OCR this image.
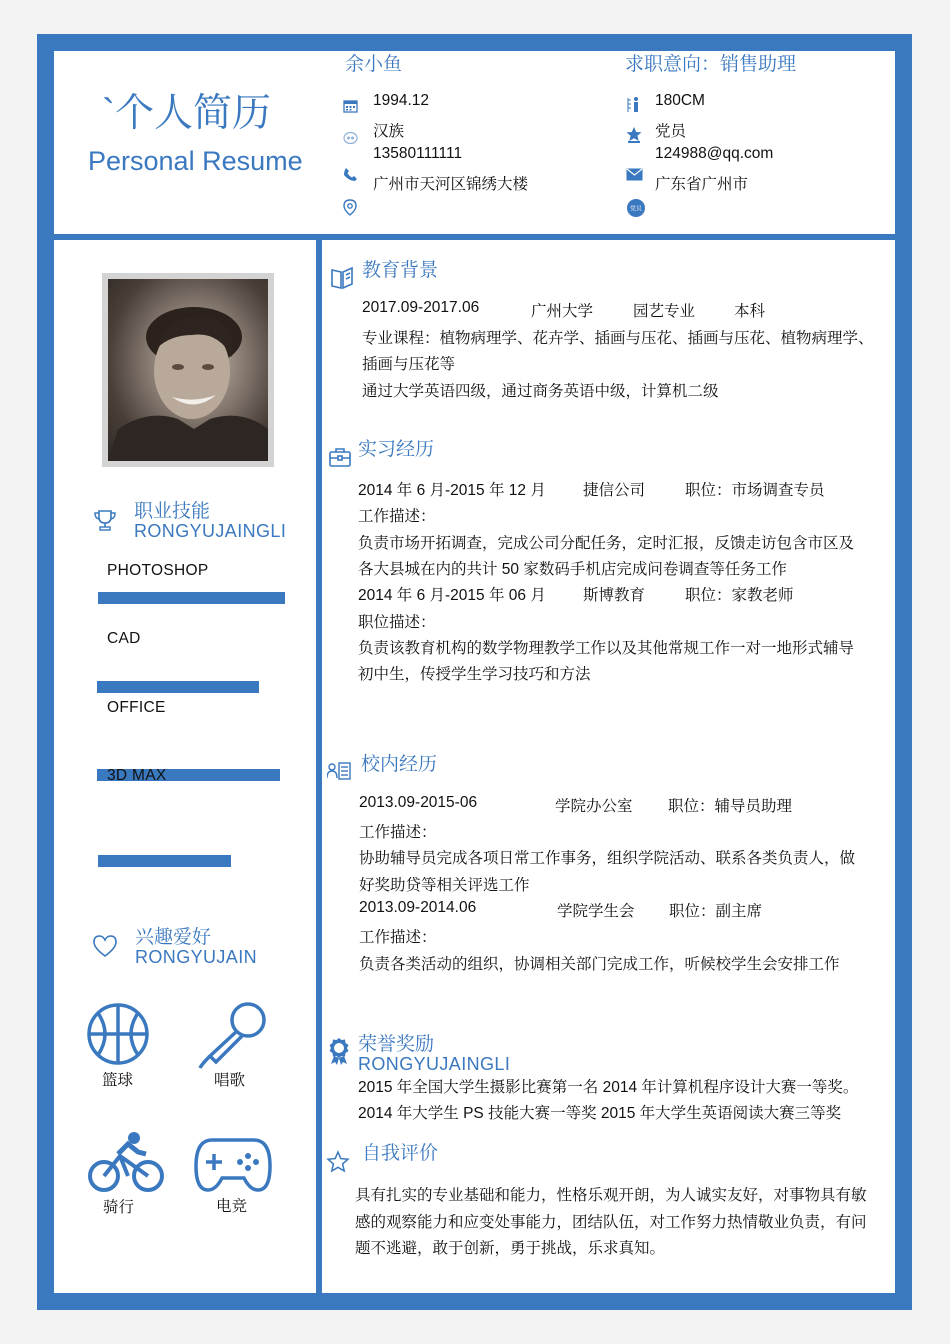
`个人简历
Personal Resume
余小鱼	求职意向：销售助理
1994.12
汉族
13580111111
广州市天河区锦绣大楼
党员
180CM
党员
124988@qq.com
广东省广州市
职业技能
RONGYUJAINGLI
PHOTOSHOP
CAD
OFFICE
3D MAX
兴趣爱好
RONGYUJAIN
篮球	唱歌
骑行	电竞
教育背景
2017.09-2017.06	广州大学	园艺专业	本科
专业课程：植物病理学、花卉学、插画与压花、插画与压花、植物病理学、
插画与压花等
通过大学英语四级，通过商务英语中级，计算机二级
实习经历
2014 年 6 月-2015 年 12 月 捷信公司	职位：市场调查专员
工作描述：
负责市场开拓调查，完成公司分配任务，定时汇报，反馈走访包含市区及
各大县城在内的共计 50 家数码手机店完成问卷调查等任务工作
2014 年 6 月-2015 年 06 月 斯博教育	职位：家教老师
职位描述：
负责该教育机构的数学物理教学工作以及其他常规工作一对一地形式辅导
初中生，传授学生学习技巧和方法
校内经历
2013.09-2015-06	学院办公室 职位：辅导员助理
工作描述：
协助辅导员完成各项日常工作事务，组织学院活动、联系各类负责人，做
好奖助贷等相关评选工作
2013.09-2014.06	学院学生会 职位：副主席
工作描述：
负责各类活动的组织，协调相关部门完成工作，听候校学生会安排工作
荣誉奖励
RONGYUJAINGLI
2015 年全国大学生摄影比赛第一名 2014 年计算机程序设计大赛一等奖。
2014 年大学生 PS 技能大赛一等奖 2015 年大学生英语阅读大赛三等奖
自我评价
具有扎实的专业基础和能力，性格乐观开朗，为人诚实友好，对事物具有敏
感的观察能力和应变处事能力，团结队伍，对工作努力热情敬业负责，有问
题不逃避，敢于创新，勇于挑战，乐求真知。
